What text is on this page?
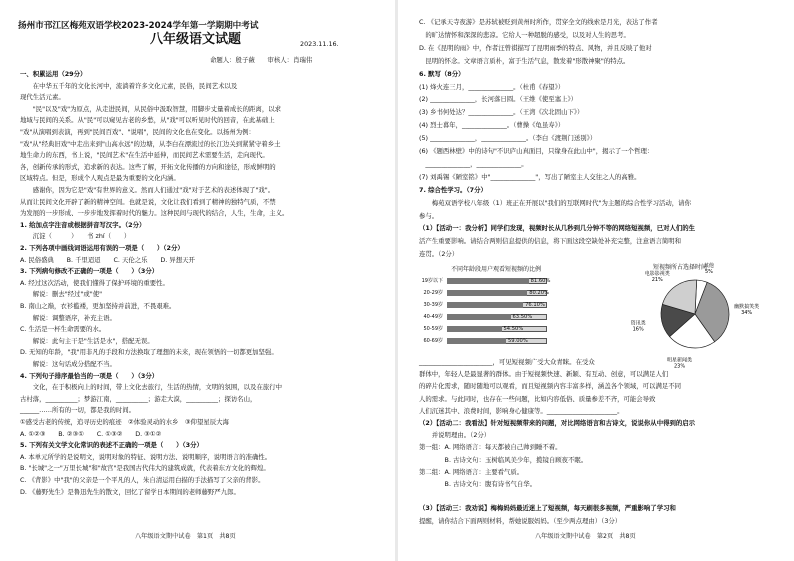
扬州市邗江区梅苑双语学校2023-2024学年第一学期期中考试
八年级语文试题	2023.11.16.
命题人：殷子薇　　审核人：肖瑞伟
一、积累运用（29分）
　　在中华五千年的文化长河中，流淌着许多文化元素，民俗，民间艺术以及
现代生活元素。
　　"民"以及"戏"为原点，从走进民间，从民俗中汲取智慧，用脚步丈量着成长的距离，以求
地域与民间的关系。从"民"可以窥见古老的乡愁，从"戏"可以听见时代的回音，在此基础上
"戏"从演唱到表演，再到"民间百戏"、"说唱"，民间的文化也在变化。以扬州为例：
"戏"从"经典旧戏"中走出来到"山高水远"的边塘，从李白在漂流过的长江边关到紧紧守着乡土
地生命力的东西，书上说，"民间艺术"在生活中延伸，而民间艺术需要生活，走向现代。
各，创新传承的形式，追求新的表达。这些了解，开拓文化传播的方向和途径，形成鲜明的
区域特点。但是，形成个人观点是最为重要的文化内涵。
　　感谢你，因为它是"戏"有世界的意义。然而人们通过"戏"对于艺术的表述体现了"戏"。
从而让民间文化开辟了新的精神空间。也就是说，文化让我们看到了精神的独特气质，不禁
为发展的一步形成、一步步地发挥着时代的魅力。这种民间与现代的结合，人生，生命，主义。
1. 给加点字注音或根据拼音写汉字。（2分）
　　沉淀（　　　）　　书 zhí（　　）
2. 下列各项中画线词语运用有误的一项是（　　）（2分）
A. 民俗盛典　　B. 千里迢迢　　C. 天伦之乐　　D. 异想天开
3. 下列病句修改不正确的一项是（　　）（3分）
A. 经过这次活动，使我们懂得了保护环境的重要性。
　　解说：删去"经过"或"使"
B. 南山之巅，衣衫褴褛，更加坚持并前进，不畏艰难。
　　解说：调整语序，补充主语。
C. 生活是一杯生命需要的水。
　　解说：此句主干是"生活是水"，搭配无误。
D. 无知的年龄，"我"用非凡的手段和方法换取了理想的未来，现在领悟的一切都更加坚强。
　　解说：这句话成分搭配不当。
4. 下列句子排序最恰当的一项是（　　）（3分）
　　文化，在于积极向上的时间，带上文化去旅行，生活的热情，文明的氛围，以及在旅行中
古村落，__________；梦游江南，__________；游走大漠，__________；探访名山，
______……所有的一切，都是我的时间。
①感受古老的传统，追寻历史的痕迹　②体验灵动的水乡　③仰望星辰大海
A. ①②③　　B. ②③①　　C. ①③②　　D. ③①②
5. 下列有关文学文化常识的表述不正确的一项是（　　）（3分）
A. 本单元所学的是说明文，说明对象的特征、说明方法、说明顺序，说明语言的准确性。
B. "长城"之一"万里长城"和"故宫"是我国古代伟大的建筑成就，代表着东方文化的辉煌。
C. 《背影》中"我"的父亲是一个平凡的人，朱自清运用白描的手法描写了父亲的背影。
D. 《藤野先生》是鲁迅先生的散文，回忆了留学日本期间的老师藤野严九郎。
八年级语文期中试卷　第1页　共8页
C. 《记承天寺夜游》是苏轼被贬到黄州时所作，贯穿全文的线索是月光，表达了作者
　的旷达情怀和深深的悲凉。它给人一种超脱的感受，以及对人生的思考。
D. 在《昆明的雨》中，作者汪曾祺描写了昆明雨季的特点、风物，并且反映了他对
　昆明的怀念。文章语言质朴，富于生活气息，散发着"形散神聚"的特点。
6. 默写（8分）
(1) 烽火连三月，______________。（杜甫《春望》）
(2) ______________，长河落日圆。（王维《使至塞上》）
(3) 乡书何处达？______________。（王湾《次北固山下》）
(4) 烈士暮年，______________。（曹操《龟虽寿》）
(5) ______________，______________。（李白《渡荆门送别》）
(6) 《题西林壁》中的诗句"不识庐山真面目，只缘身在此山中"，揭示了一个哲理：
　______________，______________。
(7) 刘禹锡《陋室铭》中"______________"，写出了陋室主人交往之人的高雅。
7. 综合性学习。（7分）
　　梅苑双语学校八年级（1）班正在开展以"我们的互联网时代"为主题的综合性学习活动，请你
参与。
（1）【活动一：我分析】同学们发现，视频时长从几秒到几分钟不等的网络短视频，已对人们的生
活产生重要影响。请结合两则信息提供的信息，将下面这段空缺处补充完整，注意语言简明和
连贯。（2分）
不同年龄段用户观看短视频的比例
19岁以下	81.60%
20-29岁	80.20%
30-39岁	76.10%
40-49岁	63.50%
50-59岁	54.50%
60-69岁	59.00%
短视频所占选择时间
其他
5%
幽默搞笑类
34%
明星新闻类
23%
资讯类
16%
电影影视类
21%
_______________________，可见短视频广受大众青睐。在受众
群体中，年轻人是最显著的群体。由于短视频快速、新颖、有互动、创意，可以满足人们
的碎片化需求，随时随地可以观看，而且短视频内容丰富多样，涵盖各个领域，可以满足不同
人的需求。与此同时，也存在一些问题，比如内容低俗、质量参差不齐，可能会导致
人们沉迷其中、浪费时间，影响身心健康等。______________________。
（2）【活动二：我看法】针对短视频带来的问题，对比网络语言和古诗文，说说你从中得到的启示
　　并说明理由。（2分）
第一组：A. 网络语言：每天都被自己帅到睡不着。
　　　　B. 古诗文句：玉树临风美少年，揽镜自顾夜不眠。
第二组：A. 网络语言：主要看气质。
　　　　B. 古诗文句：腹有诗书气自华。
（3）【活动三：我劝说】梅梅妈妈最近迷上了短视频，每天刷很多视频，严重影响了学习和
提醒，请你结合下面两则材料，帮她说服妈妈。（至少两点理由）（3分）
八年级语文期中试卷　第2页　共8页
